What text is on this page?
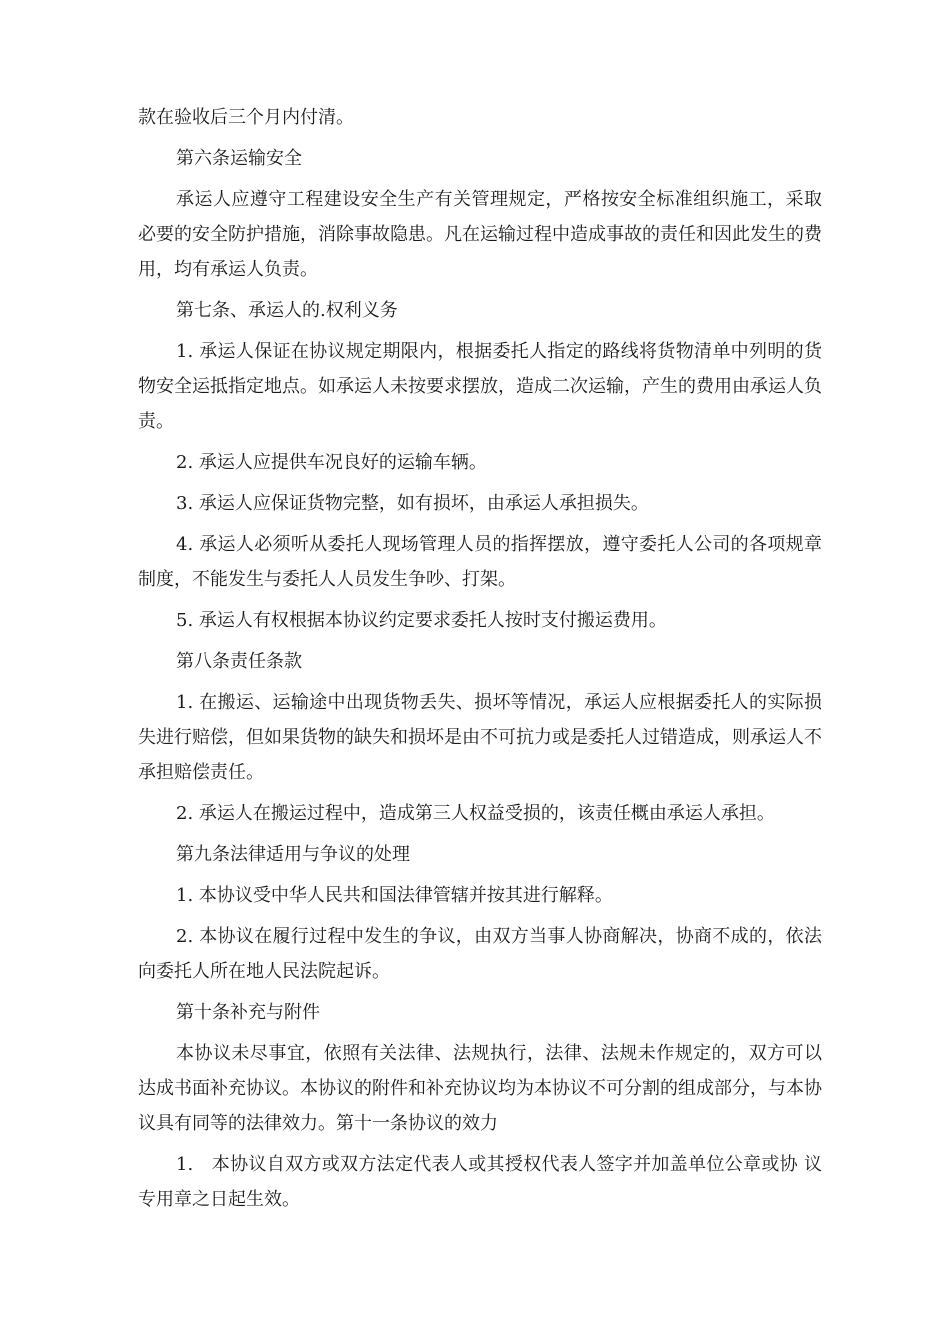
款在验收后三个月内付清。

第六条运输安全

承运人应遵守工程建设安全生产有关管理规定，严格按安全标准组织施工，采取必要的安全防护措施，消除事故隐患。凡在运输过程中造成事故的责任和因此发生的费用，均有承运人负责。

第七条、承运人的.权利义务

1. 承运人保证在协议规定期限内，根据委托人指定的路线将货物清单中列明的货物安全运抵指定地点。如承运人未按要求摆放，造成二次运输，产生的费用由承运人负责。

2. 承运人应提供车况良好的运输车辆。

3. 承运人应保证货物完整，如有损坏，由承运人承担损失。

4. 承运人必须听从委托人现场管理人员的指挥摆放，遵守委托人公司的各项规章制度，不能发生与委托人人员发生争吵、打架。

5. 承运人有权根据本协议约定要求委托人按时支付搬运费用。

第八条责任条款

1. 在搬运、运输途中出现货物丢失、损坏等情况，承运人应根据委托人的实际损失进行赔偿，但如果货物的缺失和损坏是由不可抗力或是委托人过错造成，则承运人不承担赔偿责任。

2. 承运人在搬运过程中，造成第三人权益受损的，该责任概由承运人承担。

第九条法律适用与争议的处理

1. 本协议受中华人民共和国法律管辖并按其进行解释。

2. 本协议在履行过程中发生的争议，由双方当事人协商解决，协商不成的，依法向委托人所在地人民法院起诉。

第十条补充与附件

本协议未尽事宜，依照有关法律、法规执行，法律、法规未作规定的，双方可以达成书面补充协议。本协议的附件和补充协议均为本协议不可分割的组成部分，与本协议具有同等的法律效力。第十一条协议的效力

1.　本协议自双方或双方法定代表人或其授权代表人签字并加盖单位公章或协 议专用章之日起生效。
